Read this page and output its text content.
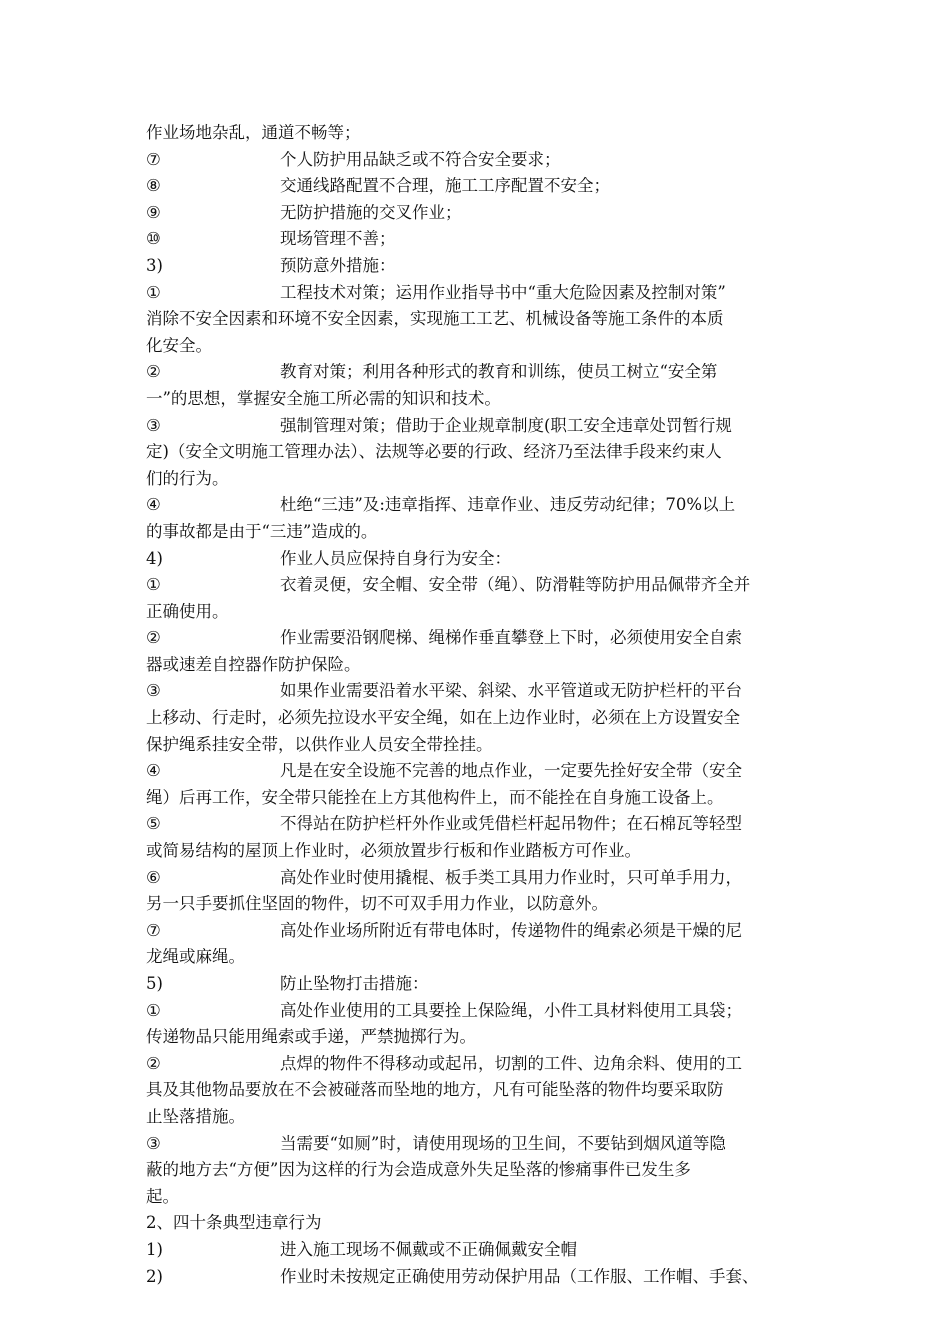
作业场地杂乱，通道不畅等；
⑦	个人防护用品缺乏或不符合安全要求；
⑧	交通线路配置不合理，施工工序配置不安全；
⑨	无防护措施的交叉作业；
⑩	现场管理不善；
3)	预防意外措施：
①	工程技术对策；运用作业指导书中“重大危险因素及控制对策”
消除不安全因素和环境不安全因素，实现施工工艺、机械设备等施工条件的本质
化安全。
②	教育对策；利用各种形式的教育和训练，使员工树立“安全第
一”的思想，掌握安全施工所必需的知识和技术。
③	强制管理对策；借助于企业规章制度(职工安全违章处罚暂行规
定)（安全文明施工管理办法）、法规等必要的行政、经济乃至法律手段来约束人
们的行为。
④	杜绝“三违”及:违章指挥、违章作业、违反劳动纪律；70%以上
的事故都是由于“三违”造成的。
4)	作业人员应保持自身行为安全：
①	衣着灵便，安全帽、安全带（绳）、防滑鞋等防护用品佩带齐全并
正确使用。
②	作业需要沿钢爬梯、绳梯作垂直攀登上下时，必须使用安全自索
器或速差自控器作防护保险。
③	如果作业需要沿着水平梁、斜梁、水平管道或无防护栏杆的平台
上移动、行走时，必须先拉设水平安全绳，如在上边作业时，必须在上方设置安全
保护绳系挂安全带，以供作业人员安全带拴挂。
④	凡是在安全设施不完善的地点作业，一定要先拴好安全带（安全
绳）后再工作，安全带只能拴在上方其他构件上，而不能拴在自身施工设备上。
⑤	不得站在防护栏杆外作业或凭借栏杆起吊物件；在石棉瓦等轻型
或简易结构的屋顶上作业时，必须放置步行板和作业踏板方可作业。
⑥	高处作业时使用撬棍、板手类工具用力作业时，只可单手用力，
另一只手要抓住坚固的物件，切不可双手用力作业，以防意外。
⑦	高处作业场所附近有带电体时，传递物件的绳索必须是干燥的尼
龙绳或麻绳。
5)	防止坠物打击措施：
①	高处作业使用的工具要拴上保险绳，小件工具材料使用工具袋；
传递物品只能用绳索或手递，严禁抛掷行为。
②	点焊的物件不得移动或起吊，切割的工件、边角余料、使用的工
具及其他物品要放在不会被碰落而坠地的地方，凡有可能坠落的物件均要采取防
止坠落措施。
③	当需要“如厕”时，请使用现场的卫生间，不要钻到烟风道等隐
蔽的地方去“方便”因为这样的行为会造成意外失足坠落的惨痛事件已发生多
起。
2、四十条典型违章行为
1)	进入施工现场不佩戴或不正确佩戴安全帽
2)	作业时未按规定正确使用劳动保护用品（工作服、工作帽、手套、
